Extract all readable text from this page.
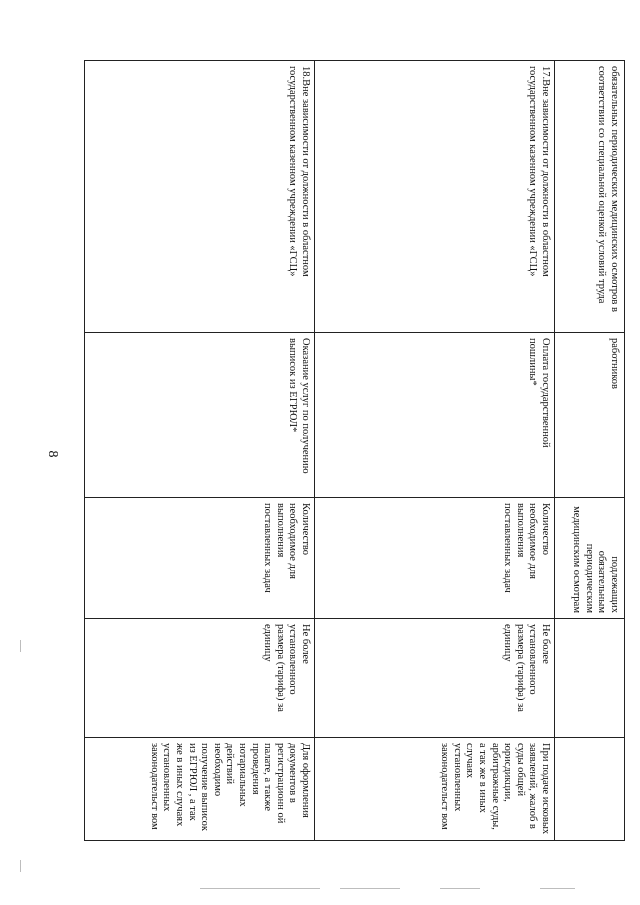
8
обязательных периодических медицинских осмотров в соответствии со специальной оценкой условий труда	работников	подлежащих обязательным периодическим медицинским осмотрам		
17.Вне зависимости от должности в областном государственном казенном учреждении «ГСЦ»	Оплата государственной пошлины*	Количество необходимое для выполнения поставленных задач	Не более установленного размера (тарифа) за единицу	При подаче исковых заявлений, жалоб в суды общей юрисдикции, арбитражные суды, а так же в иных случаях установленных законодательст вом
18.Вне зависимости от должности в областном государственном казенном учреждении «ГСЦ»	Оказание услуг по получению выписок из ЕГРЮЛ*	Количество необходимое для выполнения поставленных задач	Не более установленного размера (тарифа) за единицу	Для оформления документов в регистрационн ой палате, а также проведения нотариальных действий необходимо получение выписок из ЕГРЮЛ , а так же в иных случаях установленных законодательст вом
